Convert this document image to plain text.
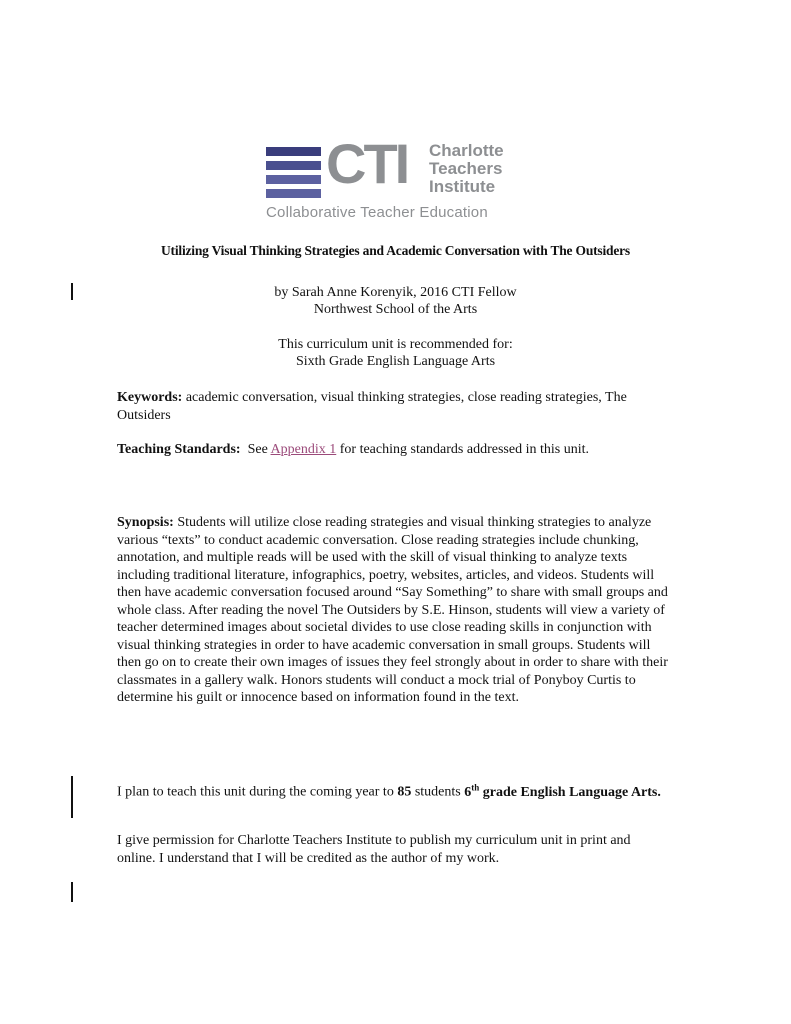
CTI Charlotte
Teachers
Institute
Collaborative Teacher Education
Utilizing Visual Thinking Strategies and Academic Conversation with The Outsiders
by Sarah Anne Korenyik, 2016 CTI Fellow
Northwest School of the Arts
This curriculum unit is recommended for:
Sixth Grade English Language Arts
Keywords: academic conversation, visual thinking strategies, close reading strategies, The Outsiders
Teaching Standards:  See Appendix 1 for teaching standards addressed in this unit.
Synopsis: Students will utilize close reading strategies and visual thinking strategies to analyze various “texts” to conduct academic conversation. Close reading strategies include chunking, annotation, and multiple reads will be used with the skill of visual thinking to analyze texts including traditional literature, infographics, poetry, websites, articles, and videos. Students will then have academic conversation focused around “Say Something” to share with small groups and whole class. After reading the novel The Outsiders by S.E. Hinson, students will view a variety of teacher determined images about societal divides to use close reading skills in conjunction with visual thinking strategies in order to have academic conversation in small groups. Students will then go on to create their own images of issues they feel strongly about in order to share with their classmates in a gallery walk. Honors students will conduct a mock trial of Ponyboy Curtis to determine his guilt or innocence based on information found in the text.
I plan to teach this unit during the coming year to 85 students 6th grade English Language Arts.
I give permission for Charlotte Teachers Institute to publish my curriculum unit in print and online. I understand that I will be credited as the author of my work.
